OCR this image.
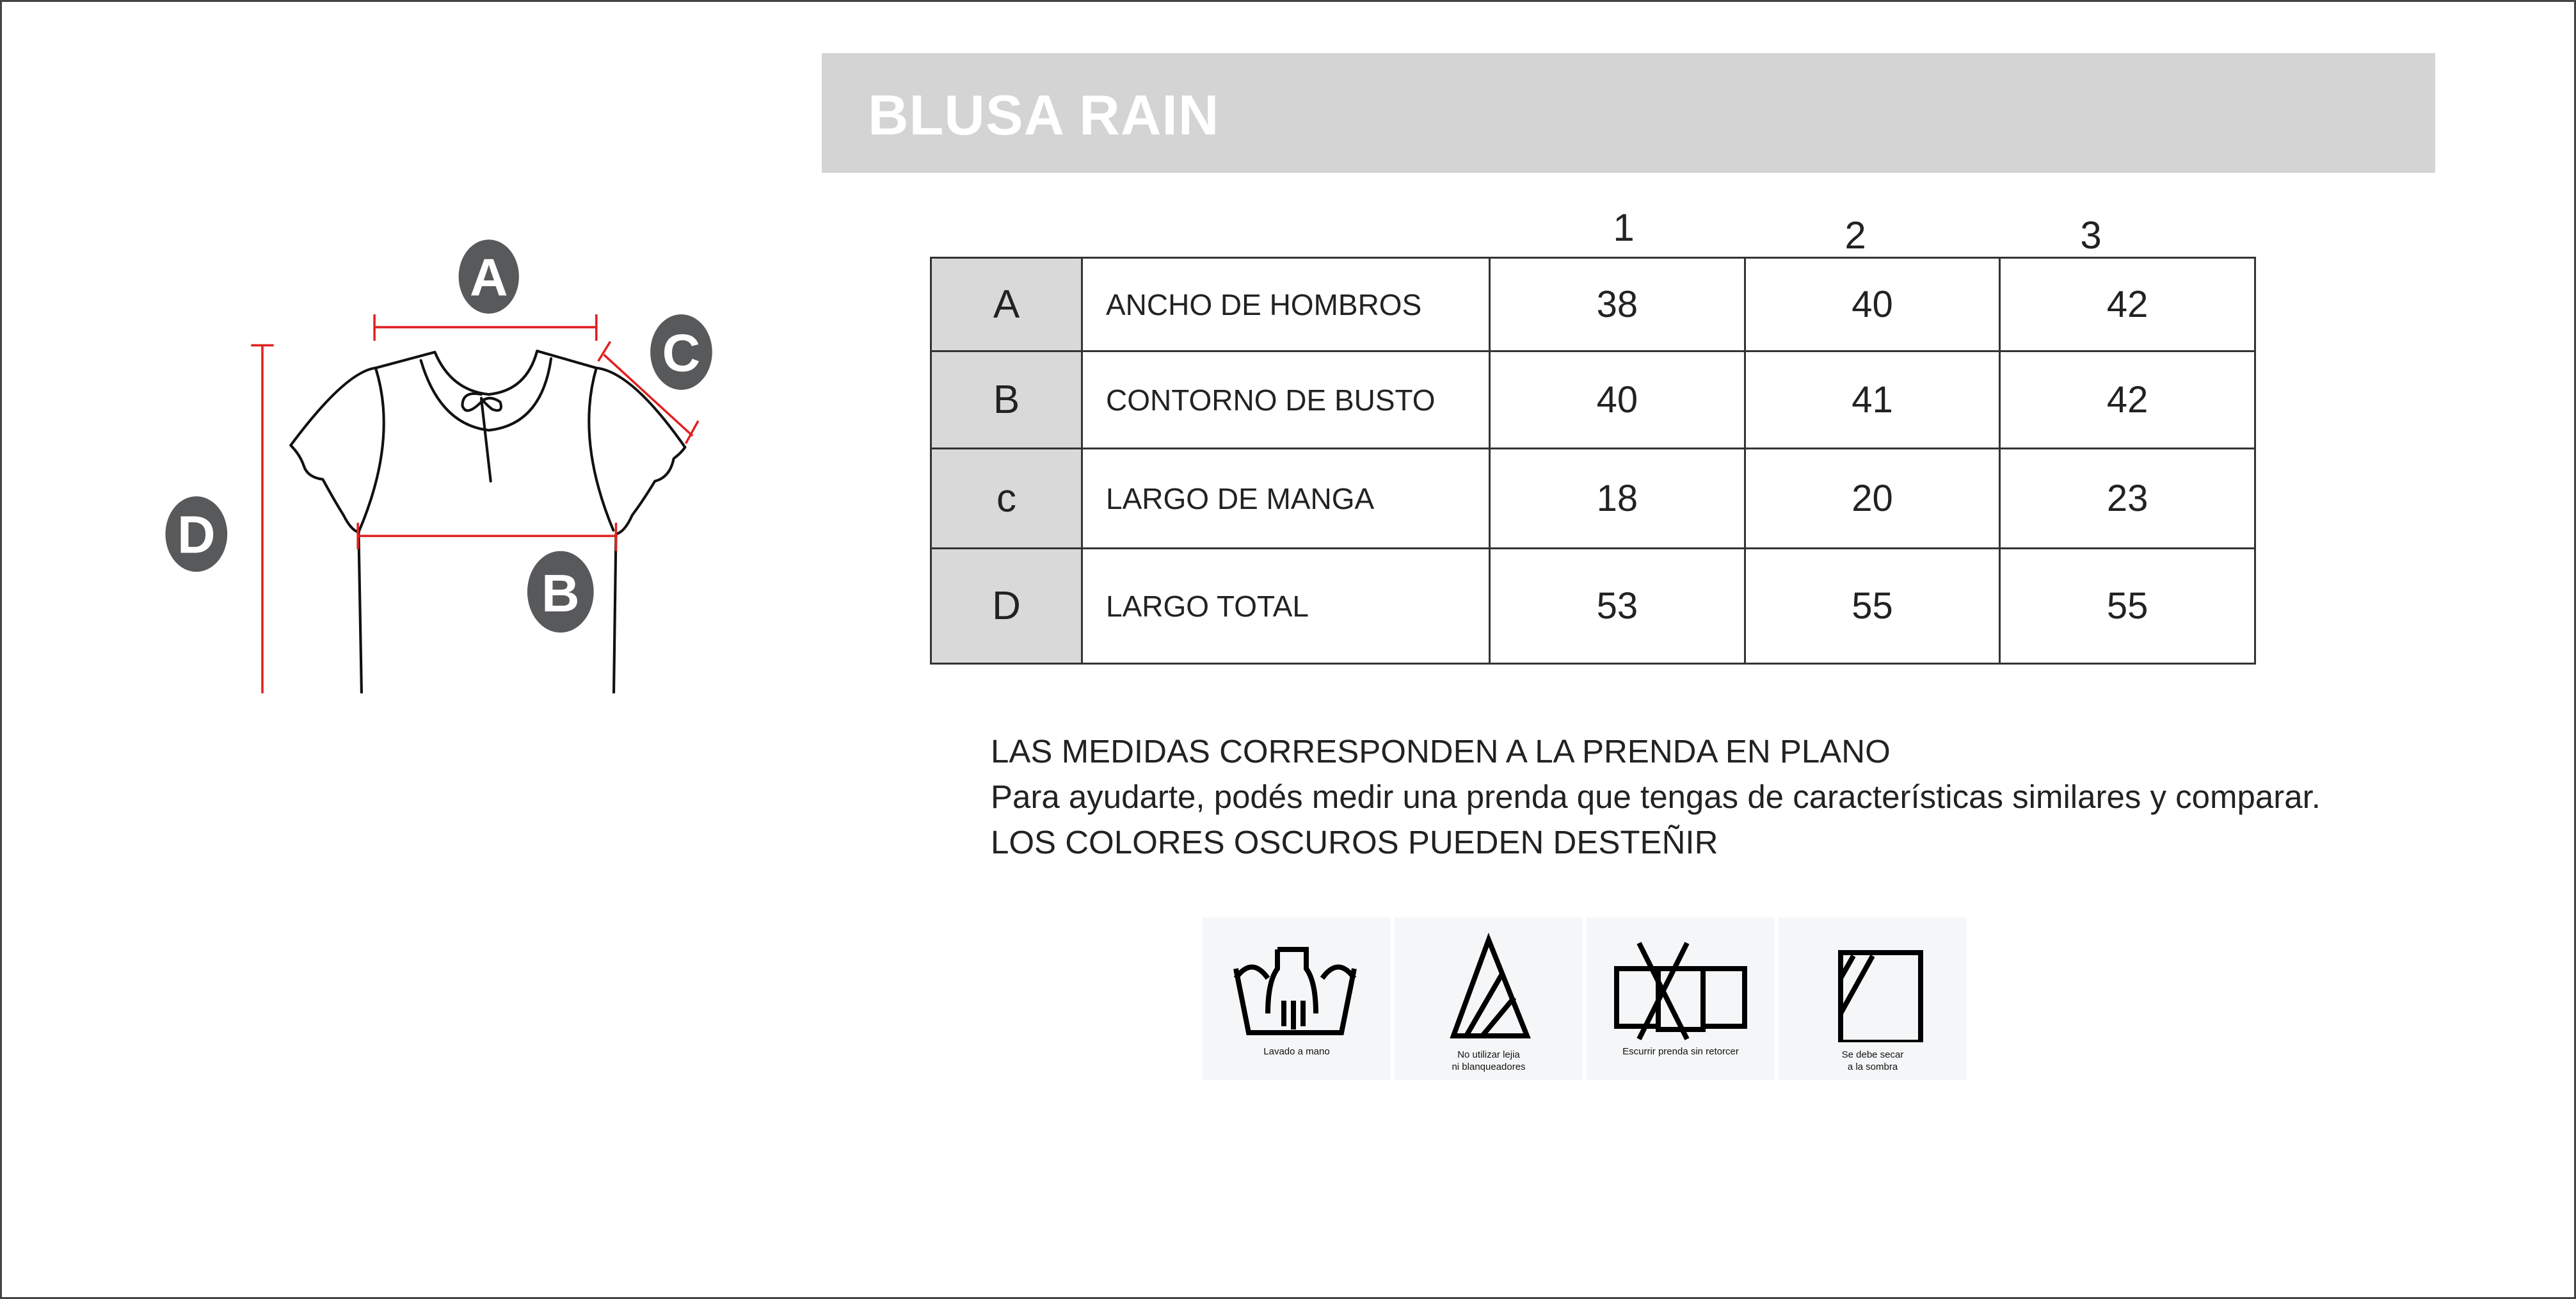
BLUSA RAIN
A
C
D
B
1	2	3
A	ANCHO DE HOMBROS	38	40	42
B	CONTORNO DE BUSTO	40	41	42
c	LARGO DE MANGA	18	20	23
D	LARGO TOTAL	53	55	55
LAS MEDIDAS CORRESPONDEN A LA PRENDA EN PLANO
Para ayudarte, podés medir una prenda que tengas de características similares y comparar.
LOS COLORES OSCUROS PUEDEN DESTEÑIR
Lavado a mano	No utilizar lejia
ni blanqueadores
Escurrir prenda sin retorcer	Se debe secar
a la sombra
